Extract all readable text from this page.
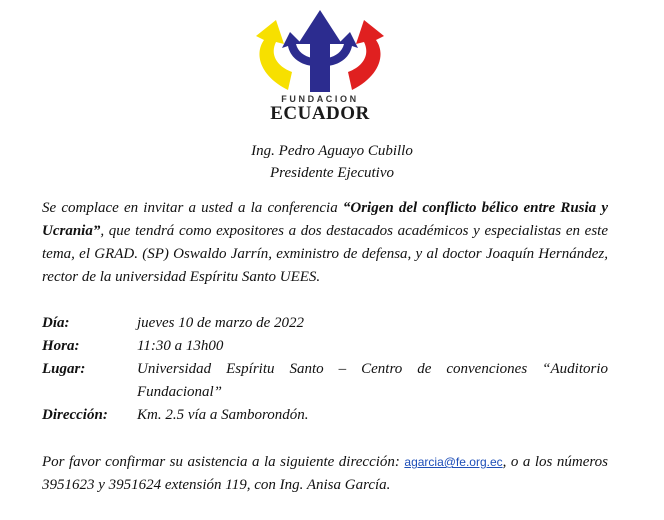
FUNDACION
ECUADOR
Ing. Pedro Aguayo Cubillo
Presidente Ejecutivo

Se complace en invitar a usted a la conferencia “Origen del conflicto bélico entre Rusia y Ucrania”, que tendrá como expositores a dos destacados académicos y especialistas en este tema, el GRAD. (SP) Oswaldo Jarrín, exministro de defensa, y al doctor Joaquín Hernández, rector de la universidad Espíritu Santo UEES.

Día:	jueves 10 de marzo de 2022
Hora:	11:30 a 13h00
Lugar:	Universidad Espíritu Santo – Centro de convenciones “Auditorio Fundacional”
Dirección:	Km. 2.5 vía a Samborondón.

Por favor confirmar su asistencia a la siguiente dirección: agarcia@fe.org.ec, o a los números 3951623 y 3951624 extensión 119, con Ing. Anisa García.
